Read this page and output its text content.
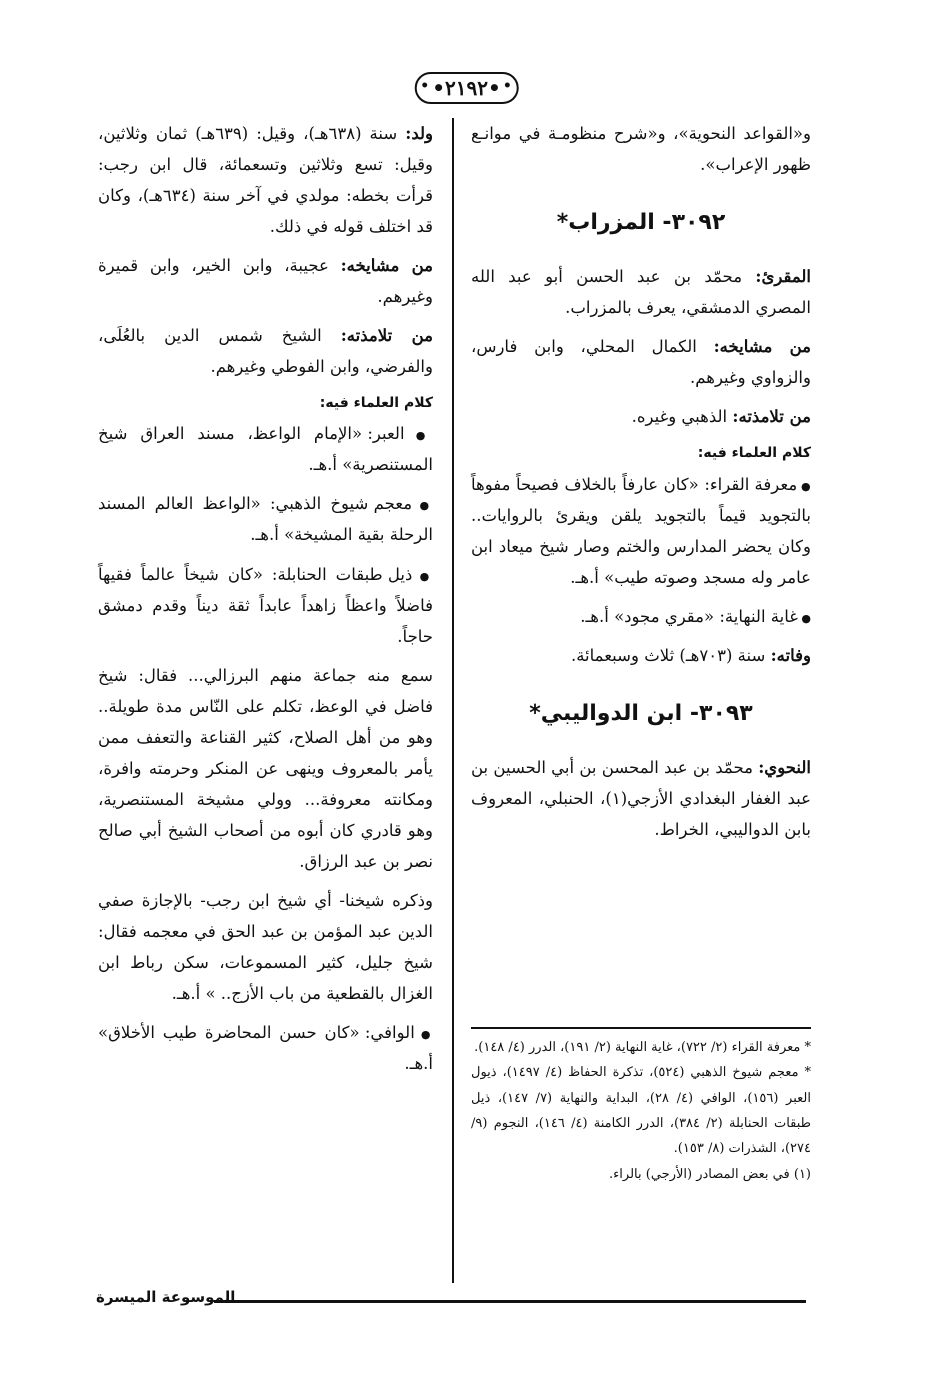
• •٢١٩٢• •

و«القواعد النحوية»، و«شرح منظومـة في موانـع ظهور الإعراب».

٣٠٩٢- المزراب*

المقرئ: محمّد بن عبد الحسن أبو عبد الله المصري الدمشقي، يعرف بالمزراب.

من مشايخه: الكمال المحلي، وابن فارس، والزواوي وغيرهم.

من تلامذته: الذهبي وغيره.

كلام العلماء فيه:

● معرفة القراء: «كان عارفاً بالخلاف فصيحاً مفوهاً بالتجويد قيماً بالتجويد يلقن ويقرئ بالروايات.. وكان يحضر المدارس والختم وصار شيخ ميعاد ابن عامر وله مسجد وصوته طيب» أ.هـ.

● غاية النهاية: «مقري مجود» أ.هـ.

وفاته: سنة (٧٠٣هـ) ثلاث وسبعمائة.

٣٠٩٣- ابن الدواليبي*

النحوي: محمّد بن عبد المحسن بن أبي الحسين بن عبد الغفار البغدادي الأزجي(١)، الحنبلي، المعروف بابن الدواليبي، الخراط.

* معرفة القراء (٢/ ٧٢٢)، غاية النهاية (٢/ ١٩١)، الدرر (٤/ ١٤٨).
* معجم شيوخ الذهبي (٥٢٤)، تذكرة الحفاظ (٤/ ١٤٩٧)، ذيول العبر (١٥٦)، الوافي (٤/ ٢٨)، البداية والنهاية (٧/ ١٤٧)، ذيل طبقات الحنابلة (٢/ ٣٨٤)، الدرر الكامنة (٤/ ١٤٦)، النجوم (٩/ ٢٧٤)، الشذرات (٨/ ١٥٣).
(١) في بعض المصادر (الأرجي) بالراء.

ولد: سنة (٦٣٨هـ)، وقيل: (٦٣٩هـ) ثمان وثلاثين، وقيل: تسع وثلاثين وتسعمائة، قال ابن رجب: قرأت بخطه: مولدي في آخر سنة (٦٣٤هـ)، وكان قد اختلف قوله في ذلك.

من مشايخه: عجيبة، وابن الخير، وابن قميرة وغيرهم.

من تلامذته: الشيخ شمس الدين بالعُلَى، والفرضي، وابن الفوطي وغيرهم.

كلام العلماء فيه:

● العبر: «الإمام الواعظ، مسند العراق شيخ المستنصرية» أ.هـ.

● معجم شيوخ الذهبي: «الواعظ العالم المسند الرحلة بقية المشيخة» أ.هـ.

● ذيل طبقات الحنابلة: «كان شيخاً عالماً فقيهاً فاضلاً واعظاً زاهداً عابداً ثقة ديناً وقدم دمشق حاجاً.

سمع منه جماعة منهم البرزالي... فقال: شيخ فاضل في الوعظ، تكلم على النّاس مدة طويلة.. وهو من أهل الصلاح، كثير القناعة والتعفف ممن يأمر بالمعروف وينهى عن المنكر وحرمته وافرة، ومكانته معروفة... وولي مشيخة المستنصرية، وهو قادري كان أبوه من أصحاب الشيخ أبي صالح نصر بن عبد الرزاق.

وذكره شيخنا- أي شيخ ابن رجب- بالإجازة صفي الدين عبد المؤمن بن عبد الحق في معجمه فقال: شيخ جليل، كثير المسموعات، سكن رباط ابن الغزال بالقطعية من باب الأزج.. » أ.هـ.

● الوافي: «كان حسن المحاضرة طيب الأخلاق» أ.هـ.

الموسوعة الميسرة
